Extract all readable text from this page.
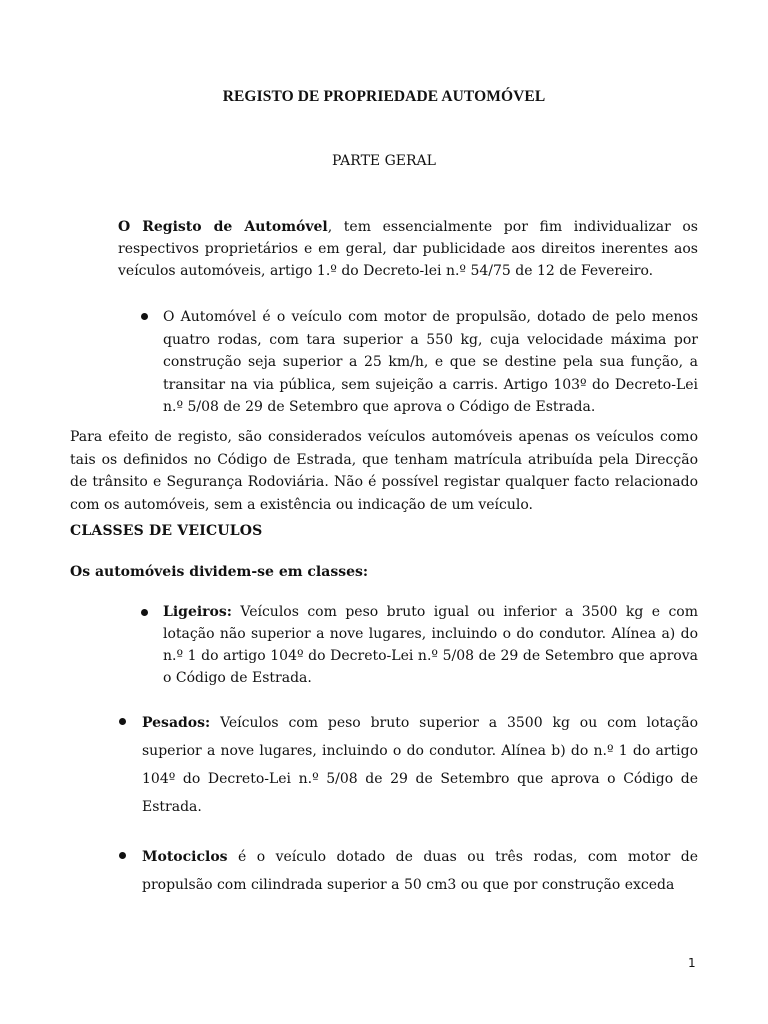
REGISTO DE PROPRIEDADE AUTOMÓVEL
PARTE GERAL

O Registo de Automóvel, tem essencialmente por fim individualizar os respectivos proprietários e em geral, dar publicidade aos direitos inerentes aos veículos automóveis, artigo 1.º do Decreto-lei n.º 54/75 de 12 de Fevereiro.

O Automóvel é o veículo com motor de propulsão, dotado de pelo menos quatro rodas, com tara superior a 550 kg, cuja velocidade máxima por construção seja superior a 25 km/h, e que se destine pela sua função, a transitar na via pública, sem sujeição a carris. Artigo 103º do Decreto-Lei n.º 5/08 de 29 de Setembro que aprova o Código de Estrada.

Para efeito de registo, são considerados veículos automóveis apenas os veículos como tais os definidos no Código de Estrada, que tenham matrícula atribuída pela Direcção de trânsito e Segurança Rodoviária. Não é possível registar qualquer facto relacionado com os automóveis, sem a existência ou indicação de um veículo.

CLASSES DE VEICULOS
Os automóveis dividem-se em classes:

Ligeiros: Veículos com peso bruto igual ou inferior a 3500 kg e com lotação não superior a nove lugares, incluindo o do condutor. Alínea a) do n.º 1 do artigo 104º do Decreto-Lei n.º 5/08 de 29 de Setembro que aprova o Código de Estrada.

Pesados: Veículos com peso bruto superior a 3500 kg ou com lotação superior a nove lugares, incluindo o do condutor. Alínea b) do n.º 1 do artigo 104º do Decreto-Lei n.º 5/08 de 29 de Setembro que aprova o Código de Estrada.

Motociclos é o veículo dotado de duas ou três rodas, com motor de propulsão com cilindrada superior a 50 cm3 ou que por construção exceda

1
